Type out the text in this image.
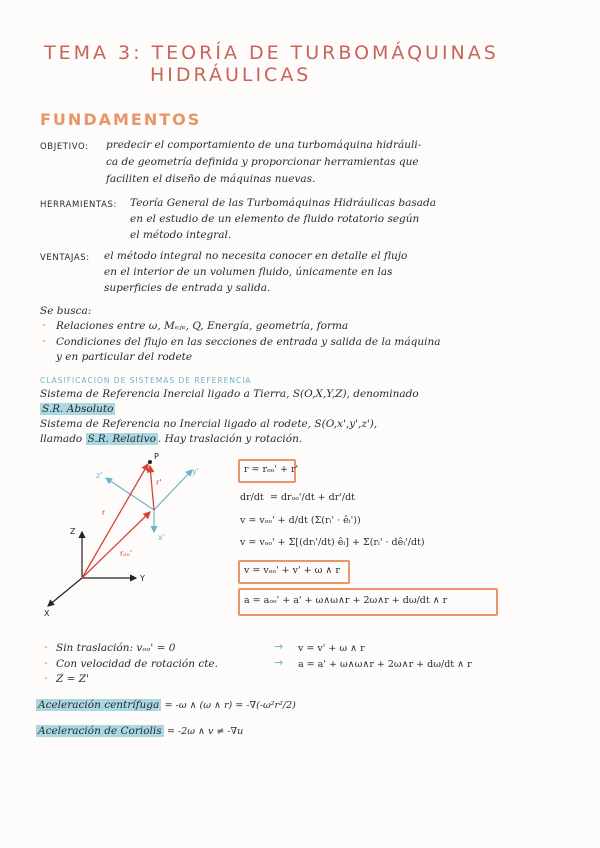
TEMA 3: TEORÍA DE TURBOMÁQUINAS
HIDRÁULICAS
FUNDAMENTOS
OBJETIVO: predecir el comportamiento de una turbomáquina hidráuli-
ca de geometría definida y proporcionar herramientas que
faciliten el diseño de máquinas nuevas.
HERRAMIENTAS: Teoría General de las Turbomáquinas Hidráulicas basada
en el estudio de un elemento de fluido rotatorio según
el método integral.
VENTAJAS: el método integral no necesita conocer en detalle el flujo
en el interior de un volumen fluido, únicamente en las
superficies de entrada y salida.
Se busca:
- Relaciones entre ω, Mₑⱼₑ, Q, Energía, geometría, forma
- Condiciones del flujo en las secciones de entrada y salida de la máquina
y en particular del rodete
CLASIFICACIÓN DE SISTEMAS DE REFERENCIA
Sistema de Referencia Inercial ligado a Tierra, S(O,X,Y,Z), denominado
S.R. Absoluto
Sistema de Referencia no Inercial ligado al rodete, S(O,x',y',z'),
llamado S.R. Relativo . Hay traslación y rotación.
P
r'
r
rₒₒ'
x'
y'
z'
Z
Y
X
r = rₒₒ' + r'
dr/dt = drₒₒ'/dt + dr'/dt
v = vₒₒ' + d/dt (Σ(rᵢ' · êᵢ'))
v = vₒₒ' + Σ[(drᵢ'/dt) êᵢ] + Σ(rᵢ' · dêᵢ'/dt)
v = vₒₒ' + v' + ω ∧ r
a = aₒₒ' + a' + ω∧ω∧r + 2ω∧r + dω/dt ∧ r
- Sin traslación: vₒₒ' = 0	→ v = v' + ω ∧ r
- Con velocidad de rotación cte.	→ a = a' + ω∧ω∧r + 2ω∧r + dω/dt ∧ r
- Z = Z'
Aceleración centrífuga = -ω ∧ (ω ∧ r) = -∇(-ω²r²/2)
Aceleración de Coriolis = -2ω ∧ v ≠ -∇u
